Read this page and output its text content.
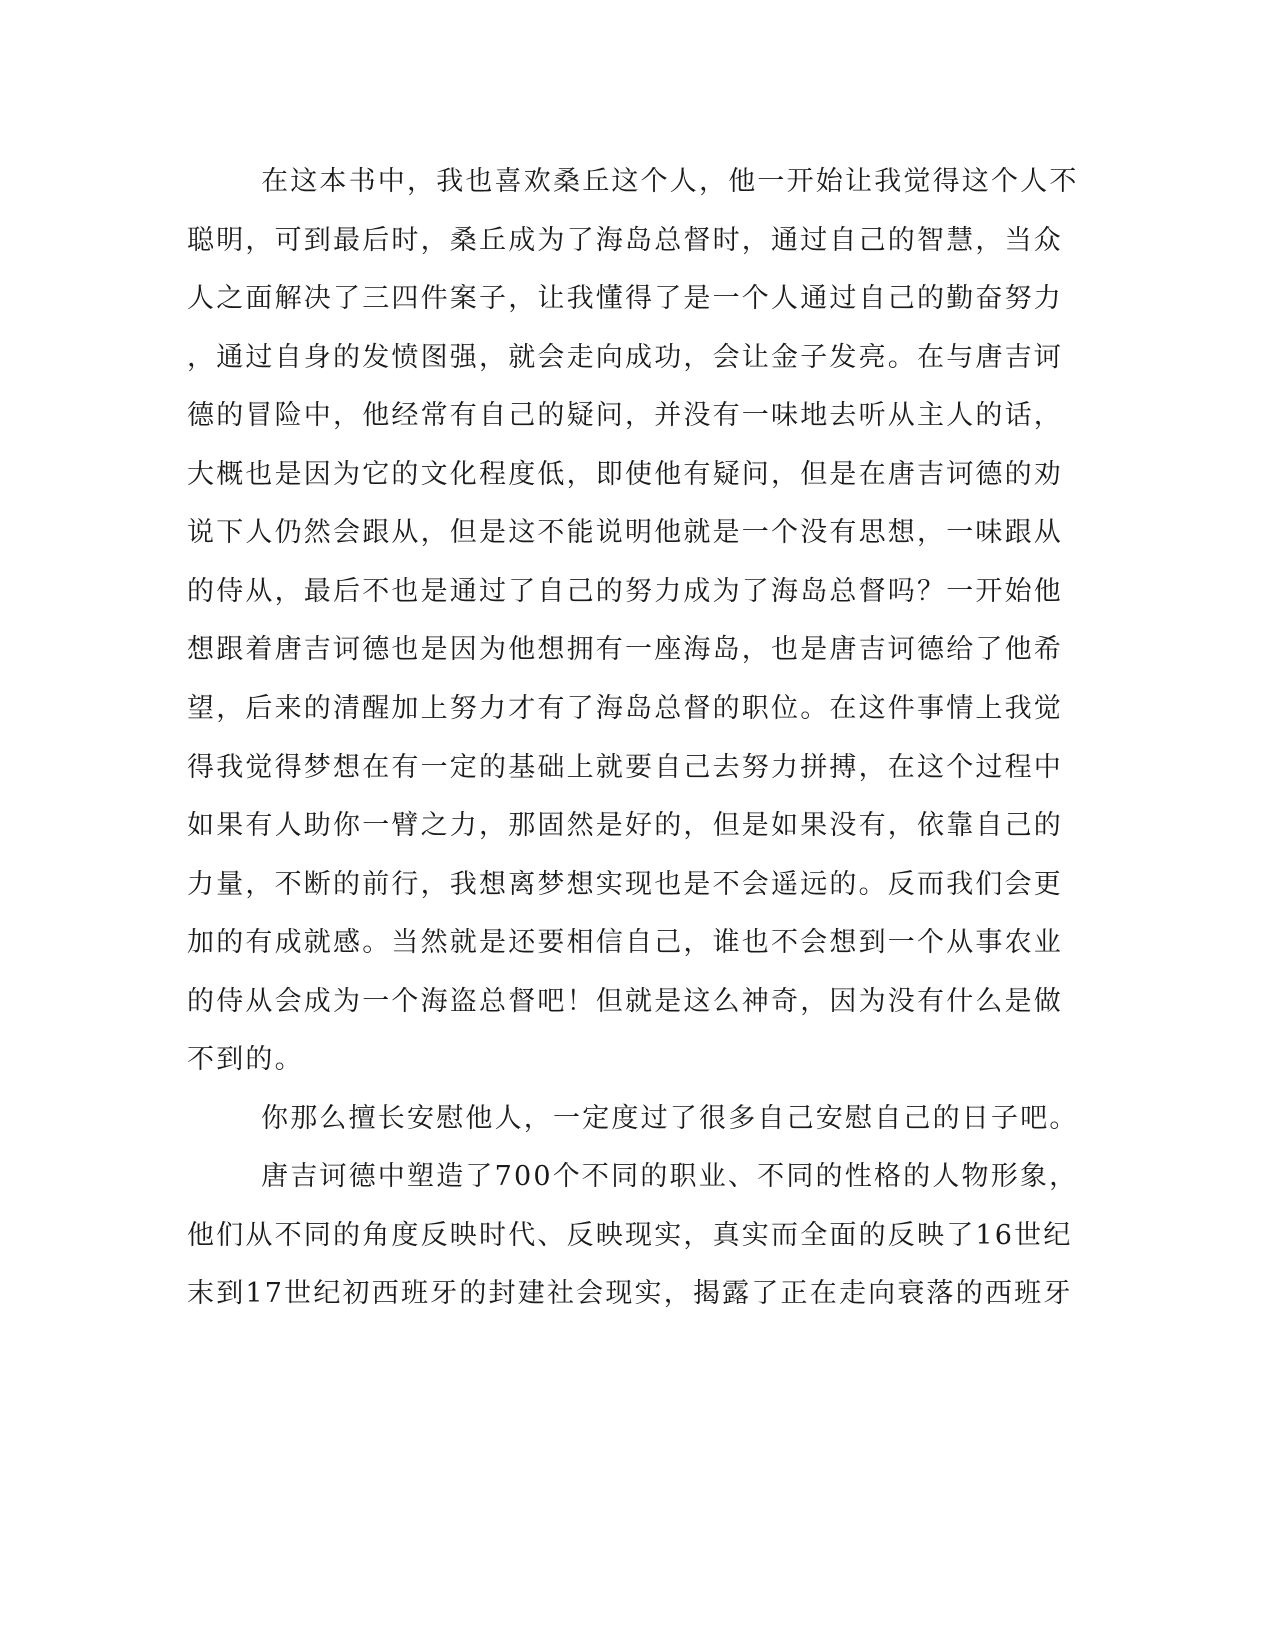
在这本书中，我也喜欢桑丘这个人，他一开始让我觉得这个人不
聪明，可到最后时，桑丘成为了海岛总督时，通过自己的智慧，当众
人之面解决了三四件案子，让我懂得了是一个人通过自己的勤奋努力
，通过自身的发愤图强，就会走向成功，会让金子发亮。在与唐吉诃
德的冒险中，他经常有自己的疑问，并没有一味地去听从主人的话，
大概也是因为它的文化程度低，即使他有疑问，但是在唐吉诃德的劝
说下人仍然会跟从，但是这不能说明他就是一个没有思想，一味跟从
的侍从，最后不也是通过了自己的努力成为了海岛总督吗？一开始他
想跟着唐吉诃德也是因为他想拥有一座海岛，也是唐吉诃德给了他希
望，后来的清醒加上努力才有了海岛总督的职位。在这件事情上我觉
得我觉得梦想在有一定的基础上就要自己去努力拼搏，在这个过程中
如果有人助你一臂之力，那固然是好的，但是如果没有，依靠自己的
力量，不断的前行，我想离梦想实现也是不会遥远的。反而我们会更
加的有成就感。当然就是还要相信自己，谁也不会想到一个从事农业
的侍从会成为一个海盗总督吧！但就是这么神奇，因为没有什么是做
不到的。
你那么擅长安慰他人，一定度过了很多自己安慰自己的日子吧。
唐吉诃德中塑造了700个不同的职业、不同的性格的人物形象，
他们从不同的角度反映时代、反映现实，真实而全面的反映了16世纪
末到17世纪初西班牙的封建社会现实，揭露了正在走向衰落的西班牙
